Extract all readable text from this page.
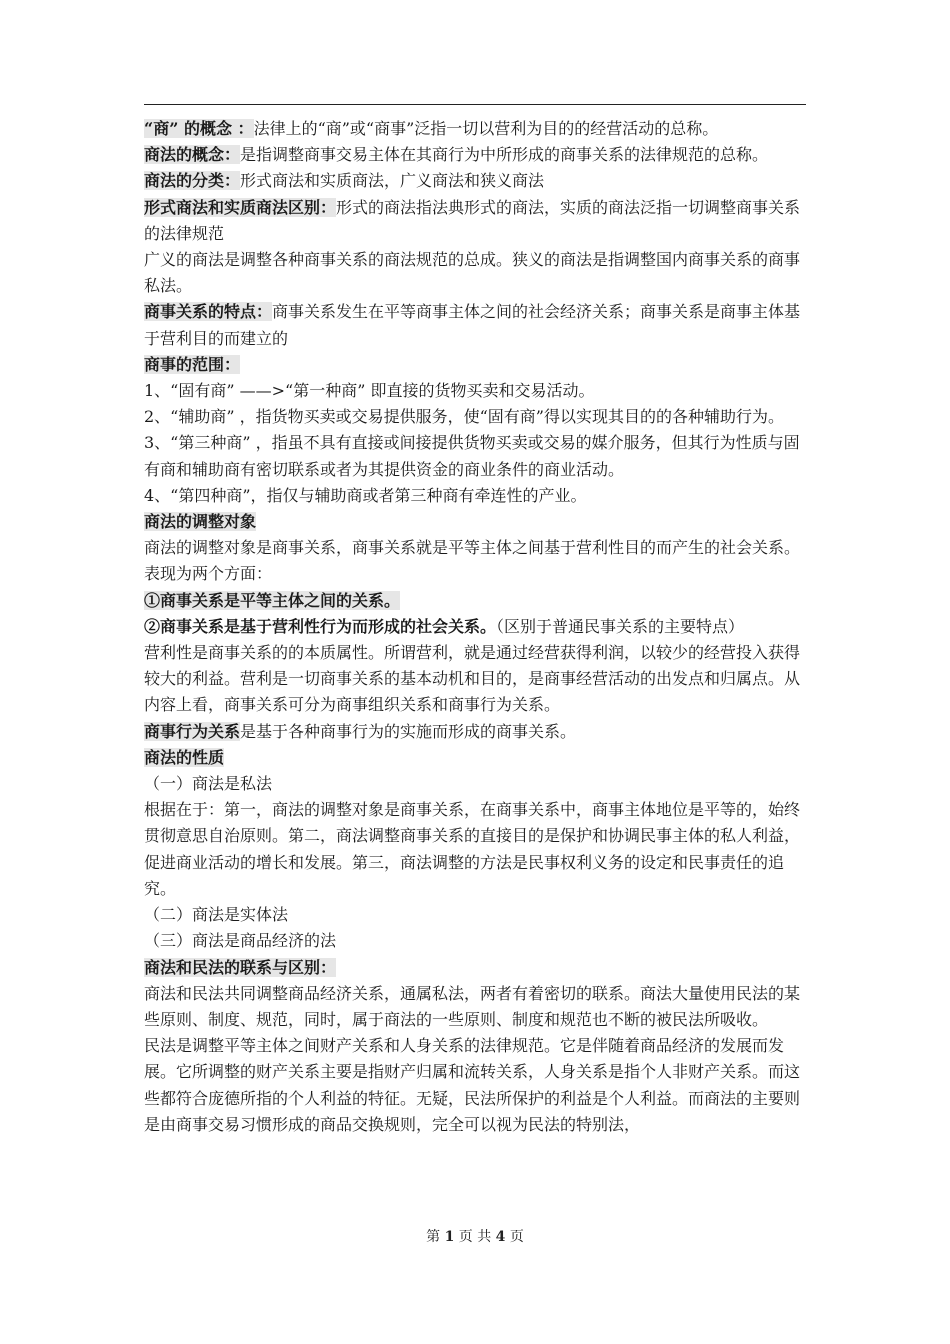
“商” 的概念 ：法律上的“商”或“商事”泛指一切以营利为目的的经营活动的总称。

商法的概念：是指调整商事交易主体在其商行为中所形成的商事关系的法律规范的总称。

商法的分类：形式商法和实质商法，广义商法和狭义商法

形式商法和实质商法区别：形式的商法指法典形式的商法，实质的商法泛指一切调整商事关系的法律规范

广义的商法是调整各种商事关系的商法规范的总成。狭义的商法是指调整国内商事关系的商事私法。

商事关系的特点：商事关系发生在平等商事主体之间的社会经济关系；商事关系是商事主体基于营利目的而建立的

商事的范围：

1、“固有商” ——>“第一种商” 即直接的货物买卖和交易活动。

2、“辅助商” ，指货物买卖或交易提供服务，使“固有商”得以实现其目的的各种辅助行为。

3、“第三种商” ，指虽不具有直接或间接提供货物买卖或交易的媒介服务，但其行为性质与固有商和辅助商有密切联系或者为其提供资金的商业条件的商业活动。

4、“第四种商”，指仅与辅助商或者第三种商有牵连性的产业。

商法的调整对象

商法的调整对象是商事关系，商事关系就是平等主体之间基于营利性目的而产生的社会关系。表现为两个方面：

①商事关系是平等主体之间的关系。

②商事关系是基于营利性行为而形成的社会关系。（区别于普通民事关系的主要特点）

营利性是商事关系的的本质属性。所谓营利，就是通过经营获得利润，以较少的经营投入获得较大的利益。营利是一切商事关系的基本动机和目的，是商事经营活动的出发点和归属点。从内容上看，商事关系可分为商事组织关系和商事行为关系。

商事行为关系是基于各种商事行为的实施而形成的商事关系。

商法的性质

（一）商法是私法

根据在于：第一，商法的调整对象是商事关系，在商事关系中，商事主体地位是平等的，始终贯彻意思自治原则。第二，商法调整商事关系的直接目的是保护和协调民事主体的私人利益，促进商业活动的增长和发展。第三，商法调整的方法是民事权利义务的设定和民事责任的追究。

（二）商法是实体法

（三）商法是商品经济的法

商法和民法的联系与区别：

商法和民法共同调整商品经济关系，通属私法，两者有着密切的联系。商法大量使用民法的某些原则、制度、规范，同时，属于商法的一些原则、制度和规范也不断的被民法所吸收。

民法是调整平等主体之间财产关系和人身关系的法律规范。它是伴随着商品经济的发展而发展。它所调整的财产关系主要是指财产归属和流转关系，人身关系是指个人非财产关系。而这些都符合庞德所指的个人利益的特征。无疑，民法所保护的利益是个人利益。而商法的主要则是由商事交易习惯形成的商品交换规则，完全可以视为民法的特别法，

第 1 页 共 4 页
